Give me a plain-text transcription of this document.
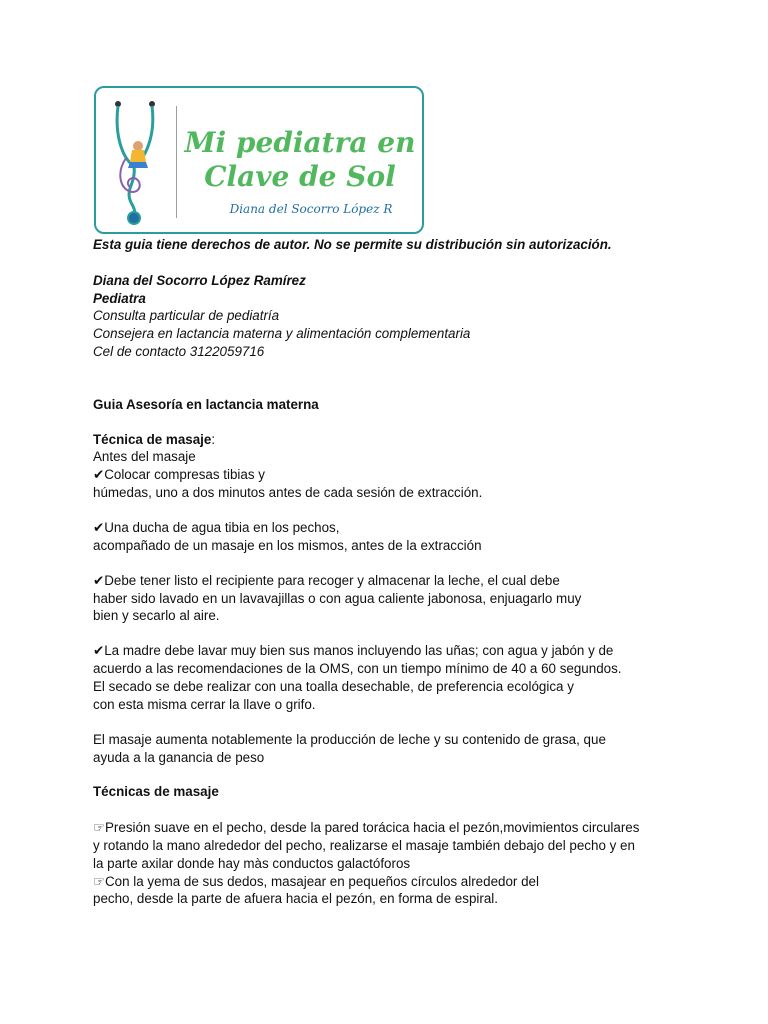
Mi pediatra en
Clave de Sol
Diana del Socorro López R

Esta guia tiene derechos de autor. No se permite su distribución sin autorización.

Diana del Socorro López Ramírez

Pediatra

Consulta particular de pediatría

Consejera en lactancia materna y alimentación complementaria

Cel de contacto 3122059716

Guia Asesoría en lactancia materna

Técnica de masaje:

Antes del masaje

✔Colocar compresas tibias y

húmedas, uno a dos minutos antes de cada sesión de extracción.

✔Una ducha de agua tibia en los pechos,

acompañado de un masaje en los mismos, antes de la extracción

✔Debe tener listo el recipiente para recoger y almacenar la leche, el cual debe

haber sido lavado en un lavavajillas o con agua caliente jabonosa, enjuagarlo muy

bien y secarlo al aire.

✔La madre debe lavar muy bien sus manos incluyendo las uñas; con agua y jabón y de

acuerdo a las recomendaciones de la OMS, con un tiempo mínimo de 40 a 60 segundos.

El secado se debe realizar con una toalla desechable, de preferencia ecológica y

con esta misma cerrar la llave o grifo.

El masaje aumenta notablemente la producción de leche y su contenido de grasa, que

ayuda a la ganancia de peso

Técnicas de masaje

☞Presión suave en el pecho, desde la pared torácica hacia el pezón,movimientos circulares

y rotando la mano alrededor del pecho, realizarse el masaje también debajo del pecho y en

la parte axilar donde hay màs conductos galactóforos

☞Con la yema de sus dedos, masajear en pequeños círculos alrededor del

pecho, desde la parte de afuera hacia el pezón, en forma de espiral.
